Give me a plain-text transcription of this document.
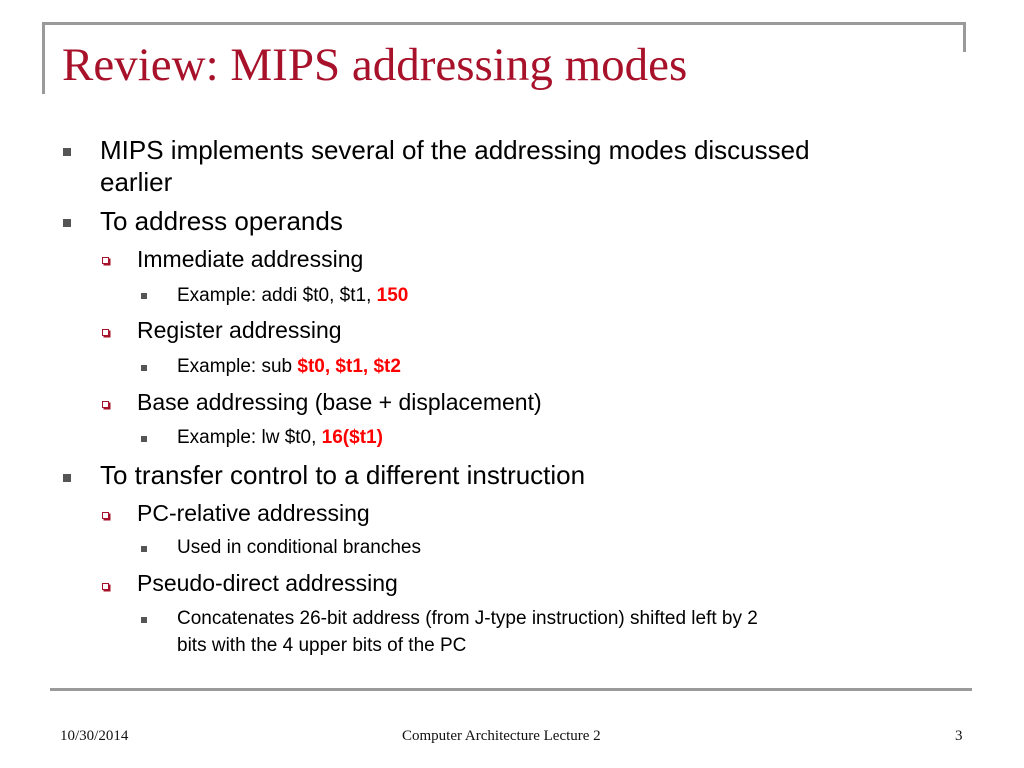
Review: MIPS addressing modes
MIPS implements several of the addressing modes discussed
earlier
To address operands
Immediate addressing
Example: addi $t0, $t1, 150
Register addressing
Example: sub $t0, $t1, $t2
Base addressing (base + displacement)
Example: lw $t0, 16($t1)
To transfer control to a different instruction
PC-relative addressing
Used in conditional branches
Pseudo-direct addressing
Concatenates 26-bit address (from J-type instruction) shifted left by 2
bits with the 4 upper bits of the PC
10/30/2014	Computer Architecture Lecture 2	3
